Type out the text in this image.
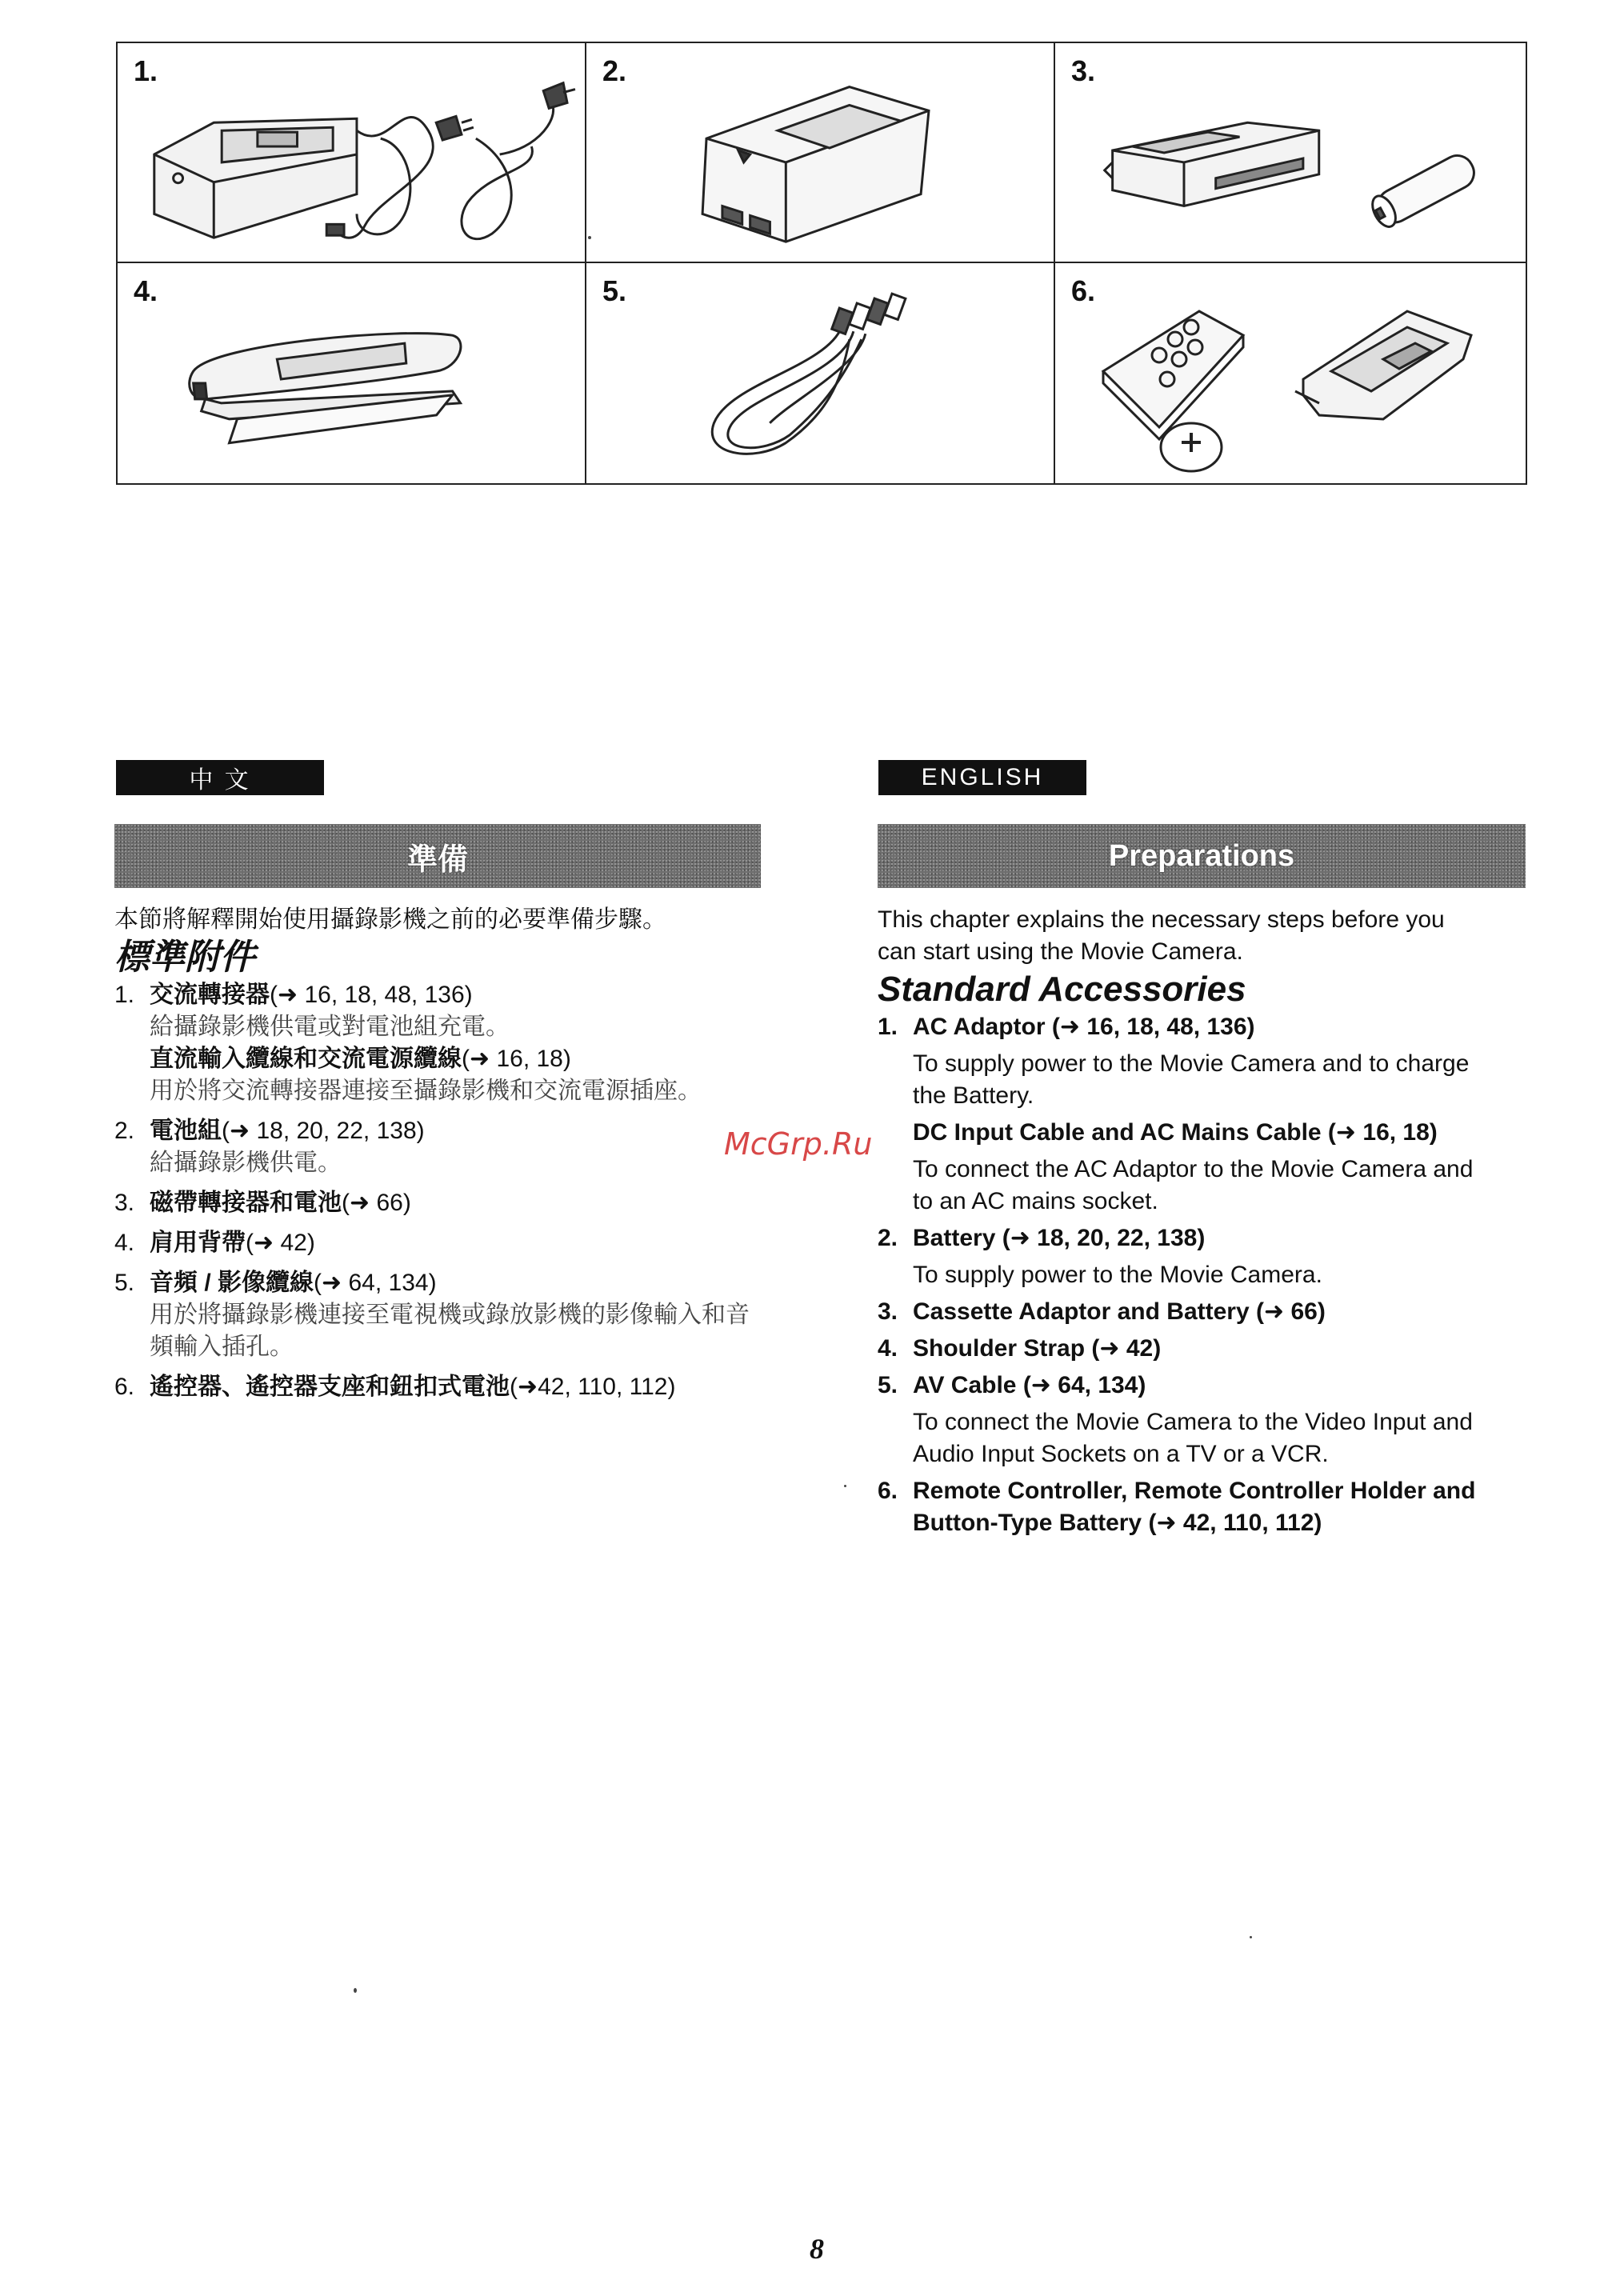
1.	2.	3.
4.	5.	6.
中 文
準備

本節將解釋開始使用攝錄影機之前的必要準備步驟。

標準附件

1. 交流轉接器(➜ 16, 18, 48, 136)

給攝錄影機供電或對電池組充電。

直流輸入纜線和交流電源纜線(➜ 16, 18)

用於將交流轉接器連接至攝錄影機和交流電源插座。

2. 電池組(➜ 18, 20, 22, 138)

給攝錄影機供電。

3. 磁帶轉接器和電池(➜ 66)

4. 肩用背帶(➜ 42)

5. 音頻 / 影像纜線(➜ 64, 134)

用於將攝錄影機連接至電視機或錄放影機的影像輸入和音

頻輸入插孔。

6. 遙控器、遙控器支座和鈕扣式電池(➜42, 110, 112)

McGrp.Ru
ENGLISH
Preparations

This chapter explains the necessary steps before you

can start using the Movie Camera.

Standard Accessories

1. AC Adaptor (➜ 16, 18, 48, 136)

To supply power to the Movie Camera and to charge

the Battery.

DC Input Cable and AC Mains Cable (➜ 16, 18)

To connect the AC Adaptor to the Movie Camera and

to an AC mains socket.

2. Battery (➜ 18, 20, 22, 138)

To supply power to the Movie Camera.

3. Cassette Adaptor and Battery (➜ 66)

4. Shoulder Strap (➜ 42)

5. AV Cable (➜ 64, 134)

To connect the Movie Camera to the Video Input and

Audio Input Sockets on a TV or a VCR.

6. Remote Controller, Remote Controller Holder and

Button-Type Battery (➜ 42, 110, 112)

8
